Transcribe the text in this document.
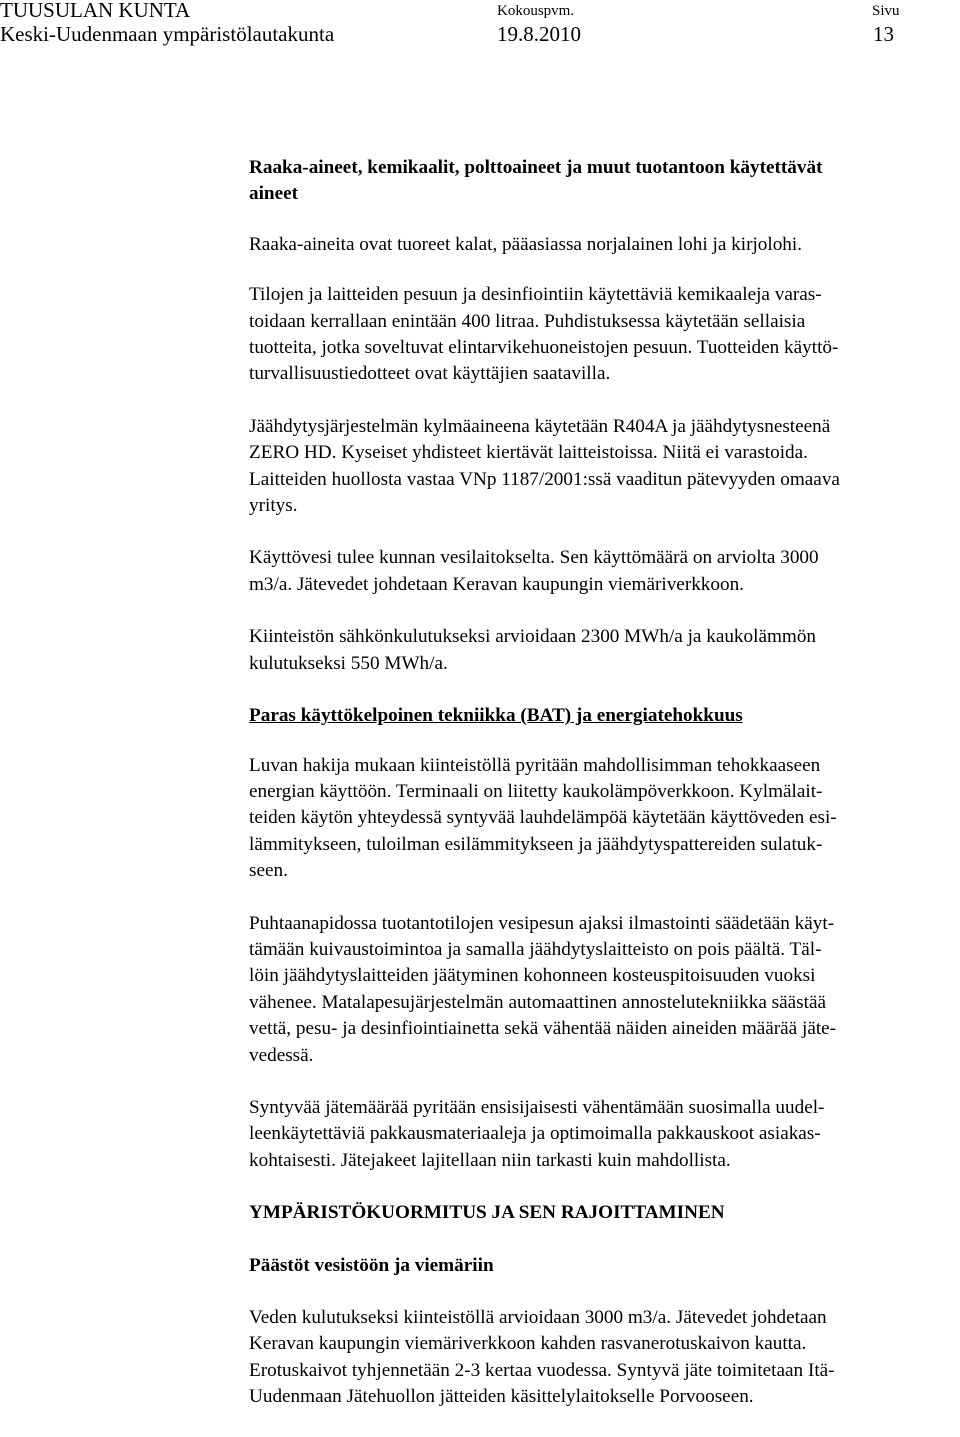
TUUSULAN KUNTA
Keski-Uudenmaan ympäristölautakunta
Kokouspvm.
19.8.2010
Sivu
13

Raaka-aineet, kemikaalit, polttoaineet ja muut tuotantoon käytettävät
aineet

Raaka-aineita ovat tuoreet kalat, pääasiassa norjalainen lohi ja kirjolohi.

Tilojen ja laitteiden pesuun ja desinfiointiin käytettäviä kemikaaleja varas-
toidaan kerrallaan enintään 400 litraa. Puhdistuksessa käytetään sellaisia
tuotteita, jotka soveltuvat elintarvikehuoneistojen pesuun. Tuotteiden käyttö-
turvallisuustiedotteet ovat käyttäjien saatavilla.

Jäähdytysjärjestelmän kylmäaineena käytetään R404A ja jäähdytysnesteenä
ZERO HD. Kyseiset yhdisteet kiertävät laitteistoissa. Niitä ei varastoida.
Laitteiden huollosta vastaa VNp 1187/2001:ssä vaaditun pätevyyden omaava
yritys.

Käyttövesi tulee kunnan vesilaitokselta. Sen käyttömäärä on arviolta 3000
m3/a. Jätevedet johdetaan Keravan kaupungin viemäriverkkoon.

Kiinteistön sähkönkulutukseksi arvioidaan 2300 MWh/a ja kaukolämmön
kulutukseksi 550 MWh/a.

Paras käyttökelpoinen tekniikka (BAT) ja energiatehokkuus

Luvan hakija mukaan kiinteistöllä pyritään mahdollisimman tehokkaaseen
energian käyttöön. Terminaali on liitetty kaukolämpöverkkoon. Kylmälait-
teiden käytön yhteydessä syntyvää lauhdelämpöä käytetään käyttöveden esi-
lämmitykseen, tuloilman esilämmitykseen ja jäähdytyspattereiden sulatuk-
seen.

Puhtaanapidossa tuotantotilojen vesipesun ajaksi ilmastointi säädetään käyt-
tämään kuivaustoimintoa ja samalla jäähdytyslaitteisto on pois päältä. Täl-
löin jäähdytyslaitteiden jäätyminen kohonneen kosteuspitoisuuden vuoksi
vähenee. Matalapesujärjestelmän automaattinen annostelutekniikka säästää
vettä, pesu- ja desinfiointiainetta sekä vähentää näiden aineiden määrää jäte-
vedessä.

Syntyvää jätemäärää pyritään ensisijaisesti vähentämään suosimalla uudel-
leenkäytettäviä pakkausmateriaaleja ja optimoimalla pakkauskoot asiakas-
kohtaisesti. Jätejakeet lajitellaan niin tarkasti kuin mahdollista.

YMPÄRISTÖKUORMITUS JA SEN RAJOITTAMINEN

Päästöt vesistöön ja viemäriin

Veden kulutukseksi kiinteistöllä arvioidaan 3000 m3/a. Jätevedet johdetaan
Keravan kaupungin viemäriverkkoon kahden rasvanerotuskaivon kautta.
Erotuskaivot tyhjennetään 2-3 kertaa vuodessa. Syntyvä jäte toimitetaan Itä-
Uudenmaan Jätehuollon jätteiden käsittelylaitokselle Porvooseen.
